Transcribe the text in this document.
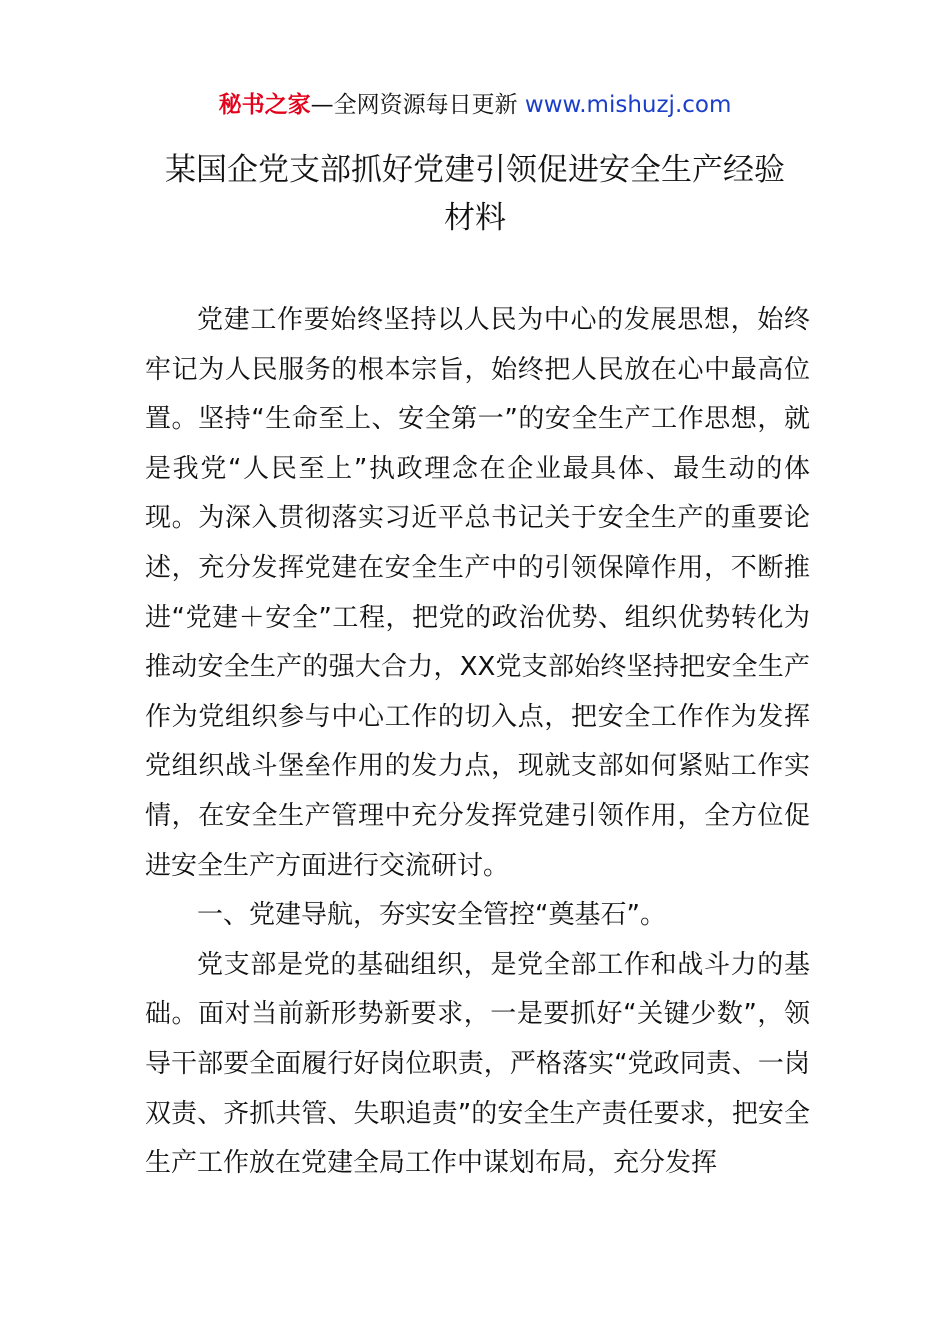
秘书之家—全网资源每日更新 www.mishuzj.com
某国企党支部抓好党建引领促进安全生产经验
材料

党建工作要始终坚持以人民为中心的发展思想，始终牢记为人民服务的根本宗旨，始终把人民放在心中最高位置。坚持“生命至上、安全第一”的安全生产工作思想，就是我党“人民至上”执政理念在企业最具体、最生动的体现。为深入贯彻落实习近平总书记关于安全生产的重要论述，充分发挥党建在安全生产中的引领保障作用，不断推进“党建＋安全”工程，把党的政治优势、组织优势转化为推动安全生产的强大合力，XX党支部始终坚持把安全生产作为党组织参与中心工作的切入点，把安全工作作为发挥党组织战斗堡垒作用的发力点，现就支部如何紧贴工作实情，在安全生产管理中充分发挥党建引领作用，全方位促进安全生产方面进行交流研讨。

一、党建导航，夯实安全管控“奠基石”。

党支部是党的基础组织，是党全部工作和战斗力的基础。面对当前新形势新要求，一是要抓好“关键少数”，领导干部要全面履行好岗位职责，严格落实“党政同责、一岗双责、齐抓共管、失职追责”的安全生产责任要求，把安全生产工作放在党建全局工作中谋划布局，充分发挥
